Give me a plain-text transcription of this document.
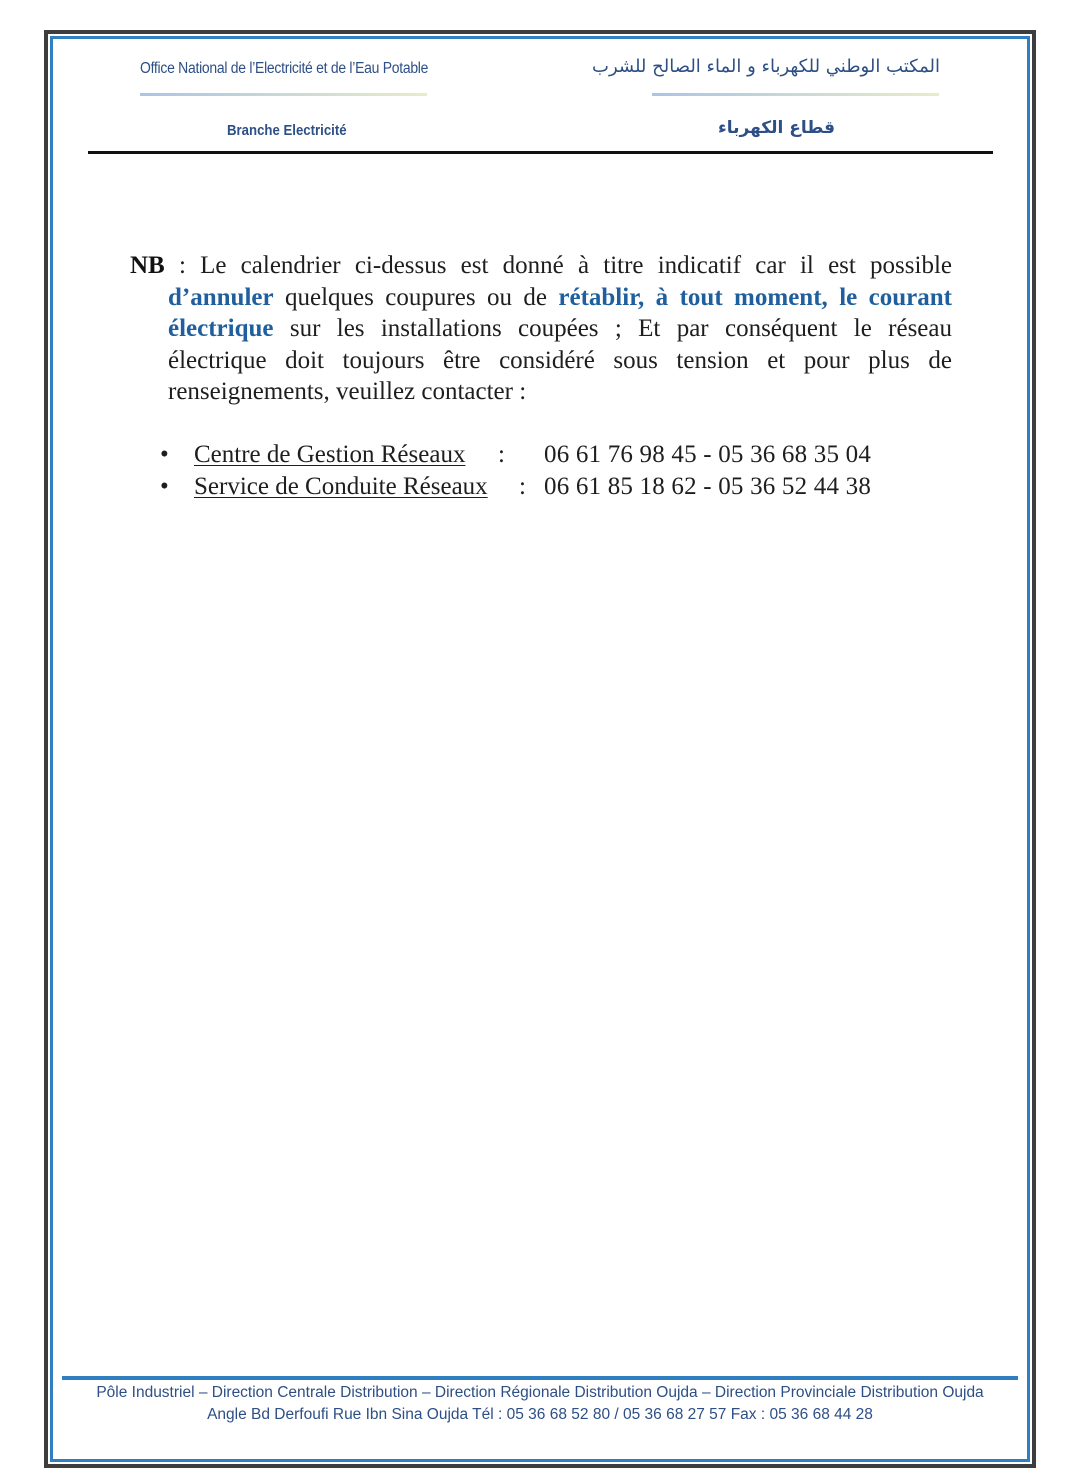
Office National de l’Electricité et de l’Eau Potable	المكتب الوطني للكهرباء و الماء الصالح للشرب
Branche Electricité	قطاع الكهرباء
NB : Le calendrier ci-dessus est donné à titre indicatif car il est possible d’annuler quelques coupures ou de rétablir, à tout moment, le courant électrique sur les installations coupées ; Et par conséquent le réseau électrique doit toujours être considéré sous tension et pour plus de renseignements, veuillez contacter :
• Centre de Gestion Réseaux : 06 61 76 98 45 - 05 36 68 35 04
• Service de Conduite Réseaux : 06 61 85 18 62 - 05 36 52 44 38
Pôle Industriel – Direction Centrale Distribution – Direction Régionale Distribution Oujda – Direction Provinciale Distribution Oujda
Angle Bd Derfoufi Rue Ibn Sina Oujda Tél : 05 36 68 52 80 / 05 36 68 27 57 Fax : 05 36 68 44 28
